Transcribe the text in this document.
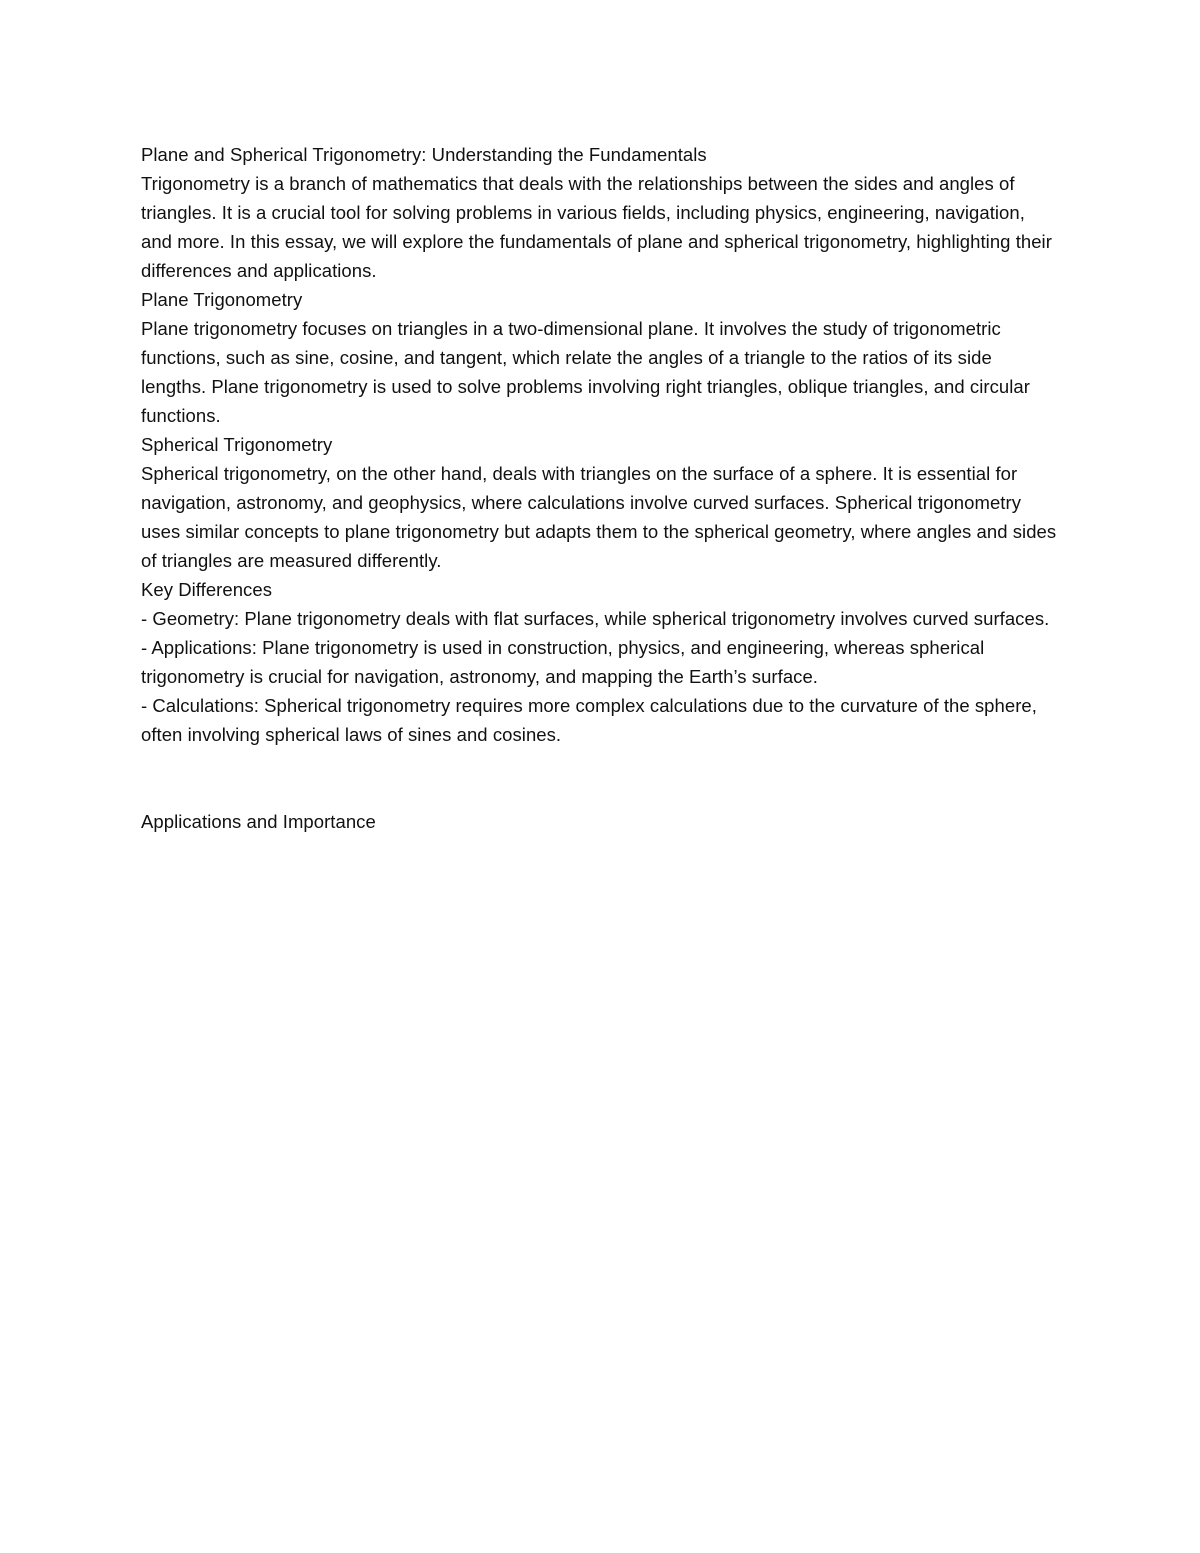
Plane and Spherical Trigonometry: Understanding the Fundamentals

Trigonometry is a branch of mathematics that deals with the relationships between the sides and angles of triangles. It is a crucial tool for solving problems in various fields, including physics, engineering, navigation, and more. In this essay, we will explore the fundamentals of plane and spherical trigonometry, highlighting their differences and applications.

Plane Trigonometry

Plane trigonometry focuses on triangles in a two-dimensional plane. It involves the study of trigonometric functions, such as sine, cosine, and tangent, which relate the angles of a triangle to the ratios of its side lengths. Plane trigonometry is used to solve problems involving right triangles, oblique triangles, and circular functions.

Spherical Trigonometry

Spherical trigonometry, on the other hand, deals with triangles on the surface of a sphere. It is essential for navigation, astronomy, and geophysics, where calculations involve curved surfaces. Spherical trigonometry uses similar concepts to plane trigonometry but adapts them to the spherical geometry, where angles and sides of triangles are measured differently.

Key Differences

- Geometry: Plane trigonometry deals with flat surfaces, while spherical trigonometry involves curved surfaces.

- Applications: Plane trigonometry is used in construction, physics, and engineering, whereas spherical trigonometry is crucial for navigation, astronomy, and mapping the Earth’s surface.

- Calculations: Spherical trigonometry requires more complex calculations due to the curvature of the sphere, often involving spherical laws of sines and cosines.

Applications and Importance
